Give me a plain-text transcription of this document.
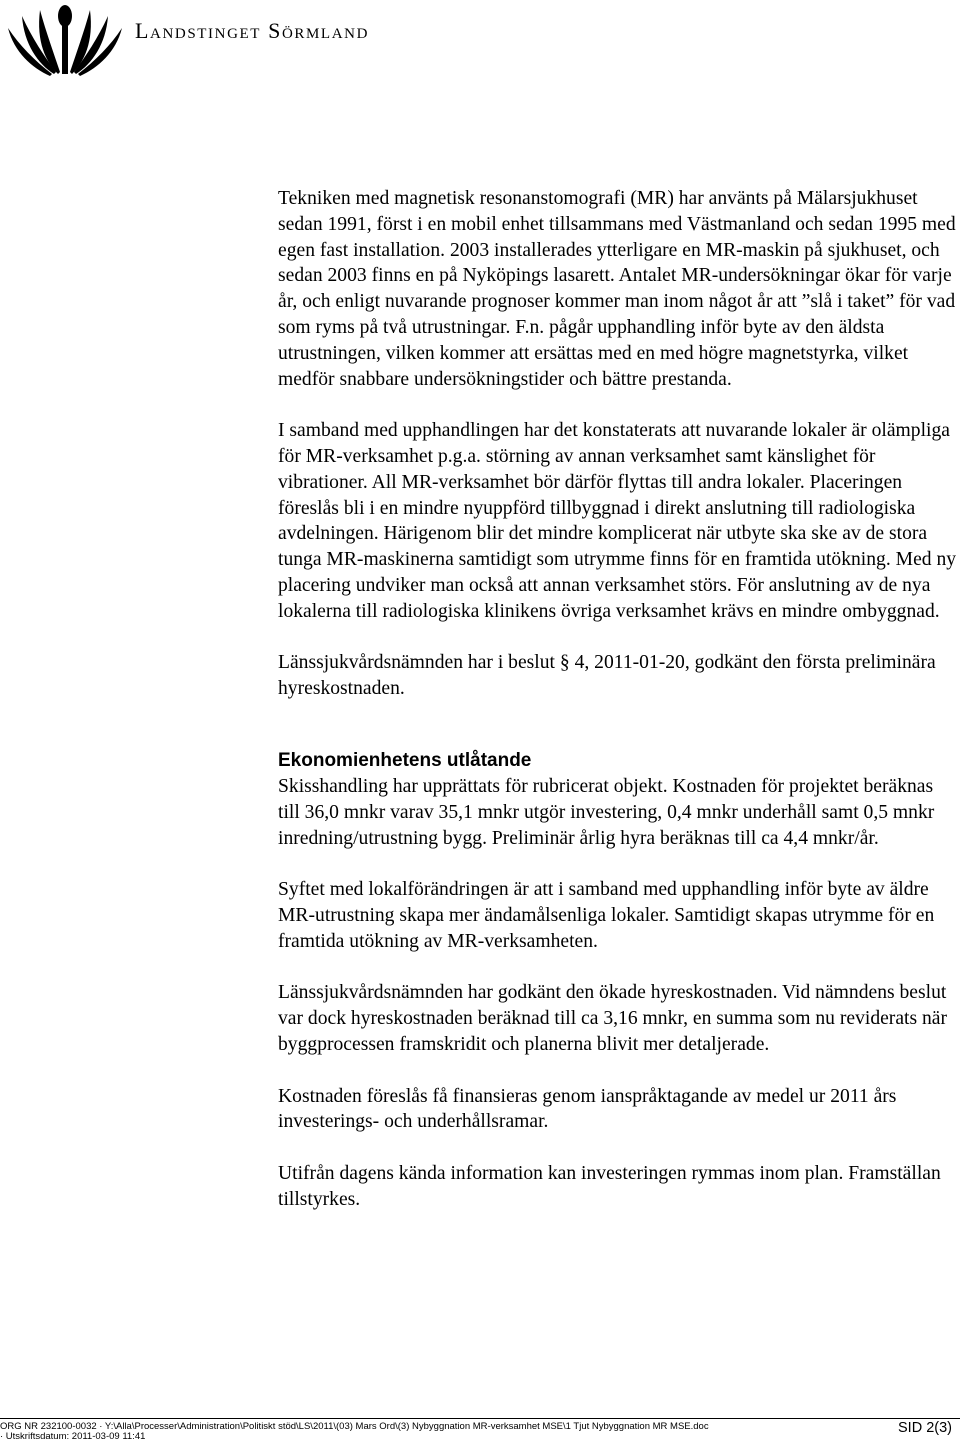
Landstinget Sörmland

Tekniken med magnetisk resonanstomografi (MR) har använts på Mälarsjukhuset sedan 1991, först i en mobil enhet tillsammans med Västmanland och sedan 1995 med egen fast installation. 2003 installerades ytterligare en MR-maskin på sjukhuset, och sedan 2003 finns en på Nyköpings lasarett. Antalet MR-undersökningar ökar för varje år, och enligt nuvarande prognoser kommer man inom något år att ”slå i taket” för vad som ryms på två utrustningar. F.n. pågår upphandling inför byte av den äldsta utrustningen, vilken kommer att ersättas med en med högre magnetstyrka, vilket medför snabbare undersökningstider och bättre prestanda.

I samband med upphandlingen har det konstaterats att nuvarande lokaler är olämpliga för MR-verksamhet p.g.a. störning av annan verksamhet samt känslighet för vibrationer. All MR-verksamhet bör därför flyttas till andra lokaler. Placeringen föreslås bli i en mindre nyuppförd tillbyggnad i direkt anslutning till radiologiska avdelningen. Härigenom blir det mindre komplicerat när utbyte ska ske av de stora tunga MR-maskinerna samtidigt som utrymme finns för en framtida utökning. Med ny placering undviker man också att annan verksamhet störs. För anslutning av de nya lokalerna till radiologiska klinikens övriga verksamhet krävs en mindre ombyggnad.

Länssjukvårdsnämnden har i beslut § 4, 2011-01-20, godkänt den första preliminära hyreskostnaden.

Ekonomienhetens utlåtande

Skisshandling har upprättats för rubricerat objekt. Kostnaden för projektet beräknas till 36,0 mnkr varav 35,1 mnkr utgör investering, 0,4 mnkr underhåll samt 0,5 mnkr inredning/utrustning bygg. Preliminär årlig hyra beräknas till ca 4,4 mnkr/år.

Syftet med lokalförändringen är att i samband med upphandling inför byte av äldre MR-utrustning skapa mer ändamålsenliga lokaler. Samtidigt skapas utrymme för en framtida utökning av MR-verksamheten.

Länssjukvårdsnämnden har godkänt den ökade hyreskostnaden. Vid nämndens beslut var dock hyreskostnaden beräknad till ca 3,16 mnkr, en summa som nu reviderats när byggprocessen framskridit och planerna blivit mer detaljerade.

Kostnaden föreslås få finansieras genom ianspråktagande av medel ur 2011 års investerings- och underhållsramar.

Utifrån dagens kända information kan investeringen rymmas inom plan. Framställan tillstyrkes.

ORG NR 232100-0032 · Y:\Alla\Processer\Administration\Politiskt stöd\LS\2011\(03) Mars Ord\(3) Nybyggnation MR-verksamhet MSE\1 Tjut Nybyggnation MR MSE.doc
· Utskriftsdatum: 2011-03-09 11:41
SID 2(3)
